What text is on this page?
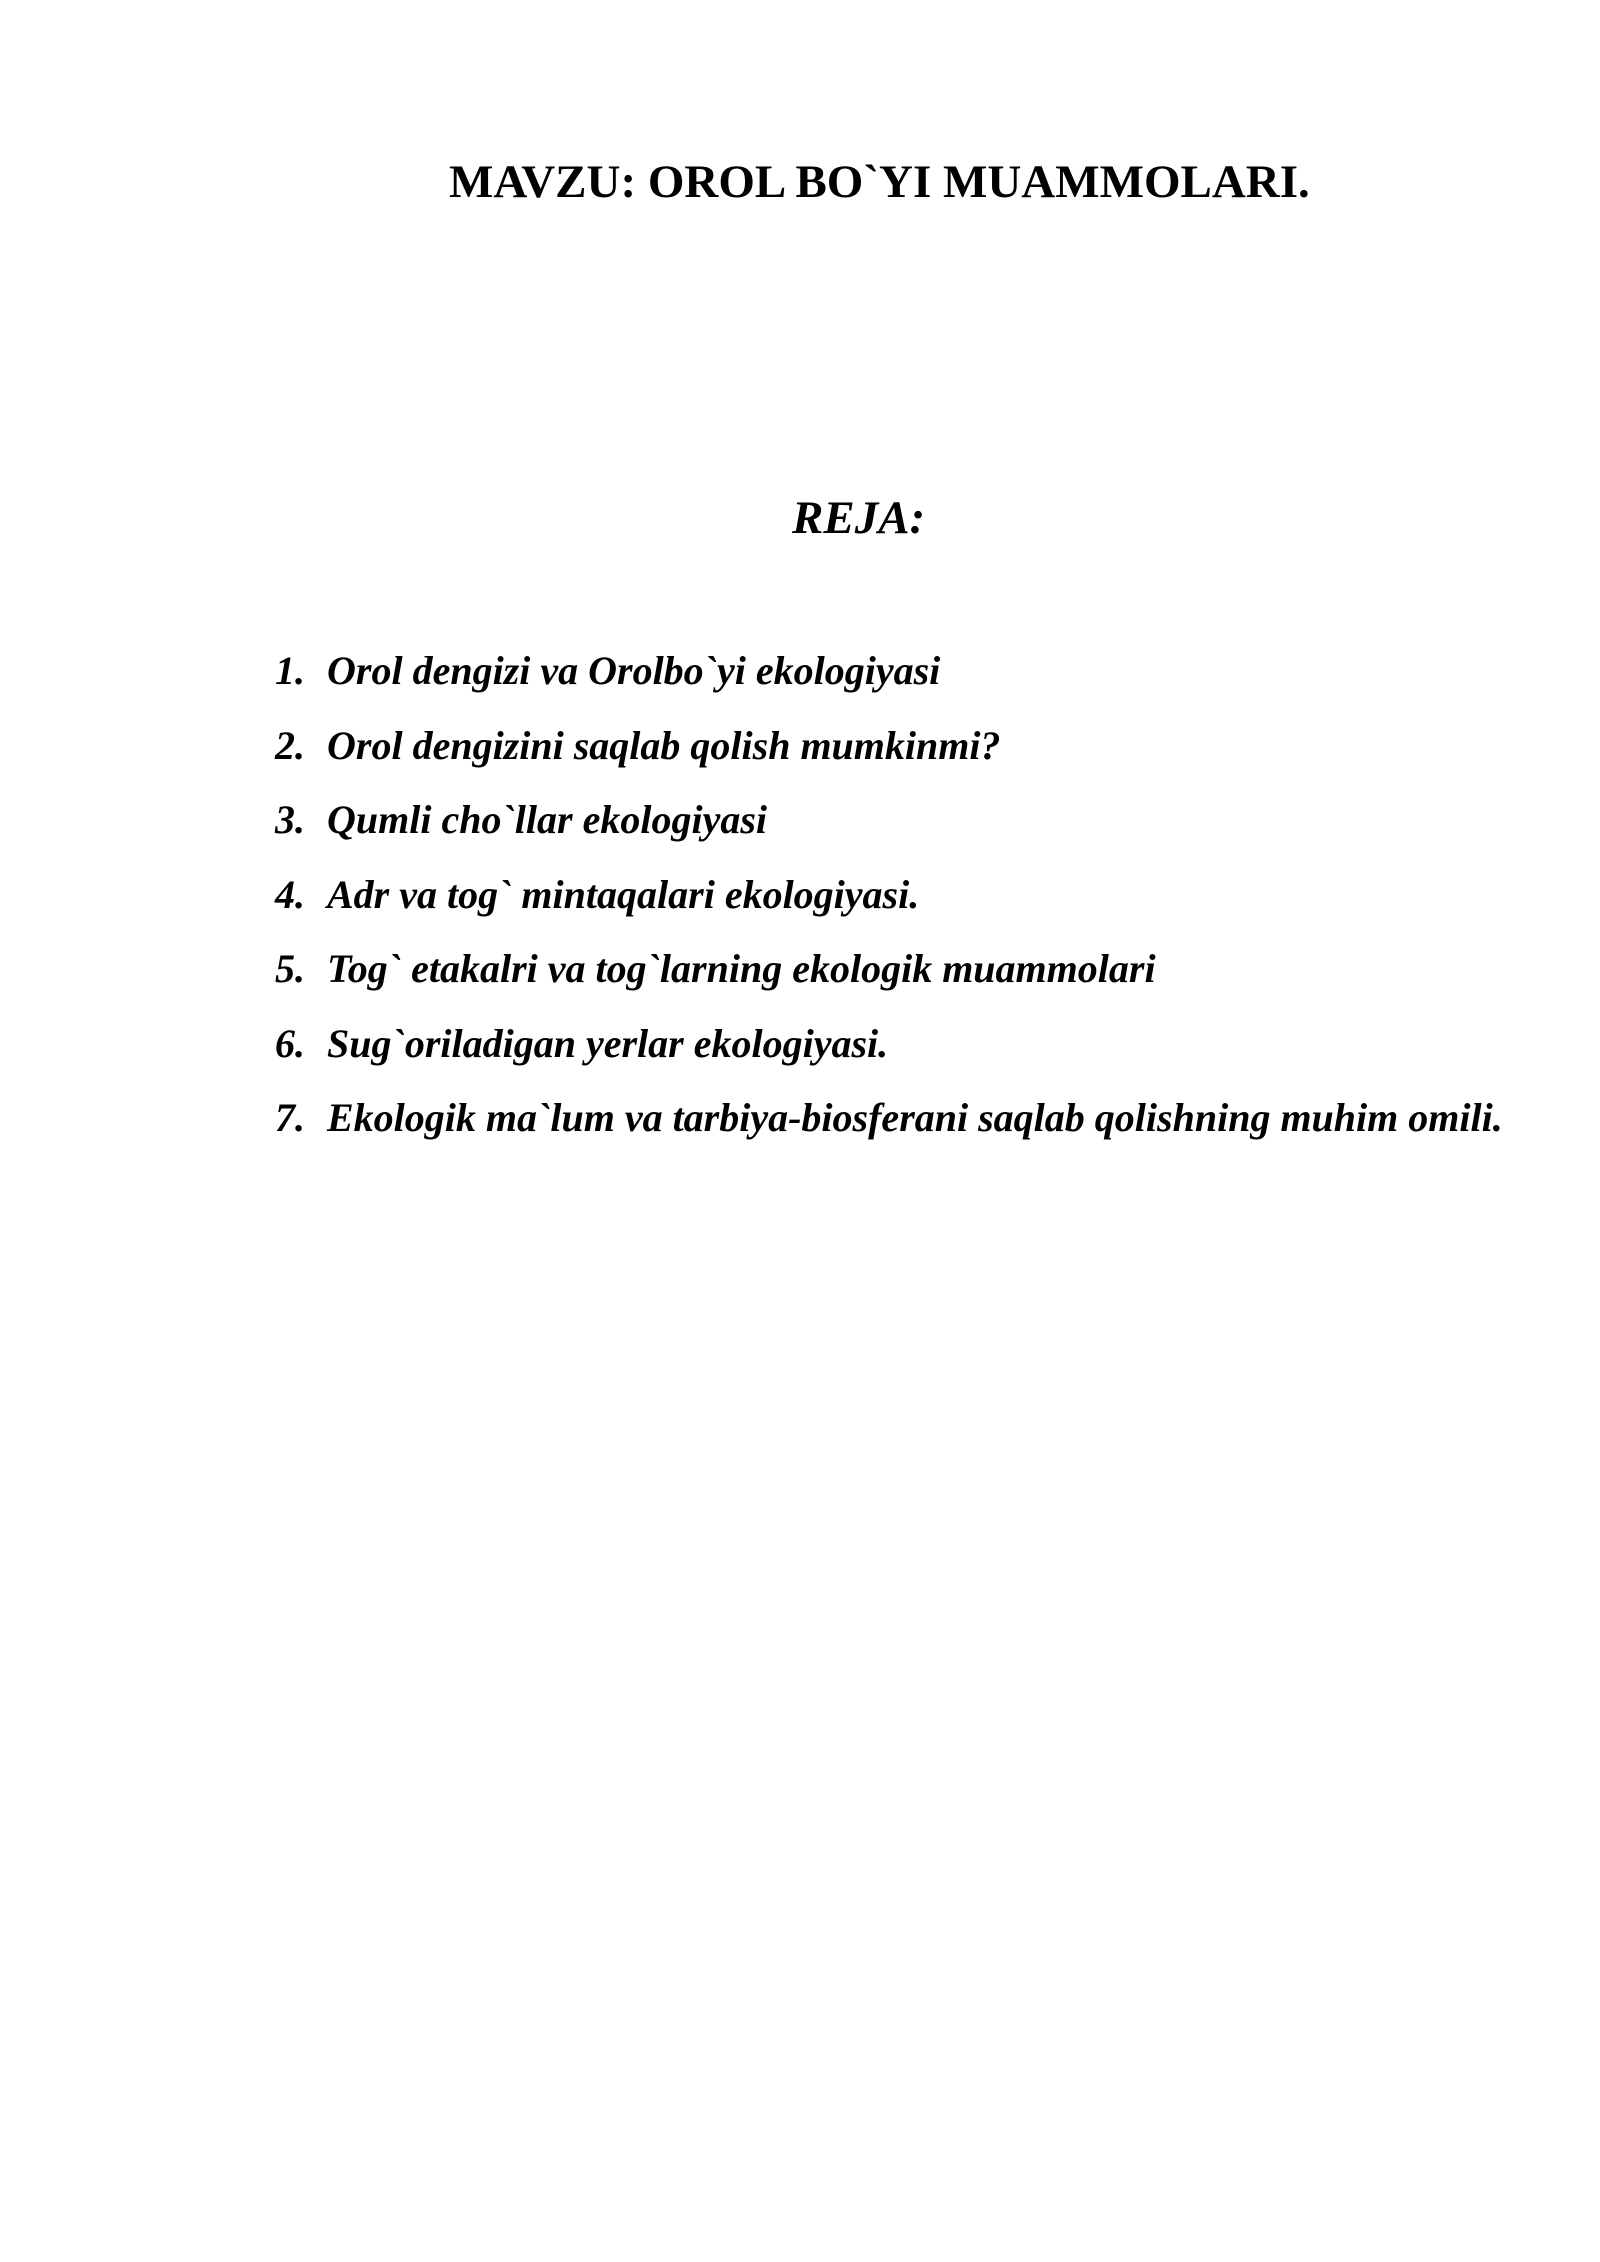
MAVZU: OROL BO`YI MUAMMOLARI.
REJA:
1. Orol dengizi va Orolbo`yi ekologiyasi
2. Orol dengizini saqlab qolish mumkinmi?
3. Qumli cho`llar ekologiyasi
4. Adr va tog` mintaqalari ekologiyasi.
5. Tog` etakalri va tog`larning ekologik muammolari
6. Sug`oriladigan yerlar ekologiyasi.
7. Ekologik ma`lum va tarbiya-biosferani saqlab qolishning muhim omili.
